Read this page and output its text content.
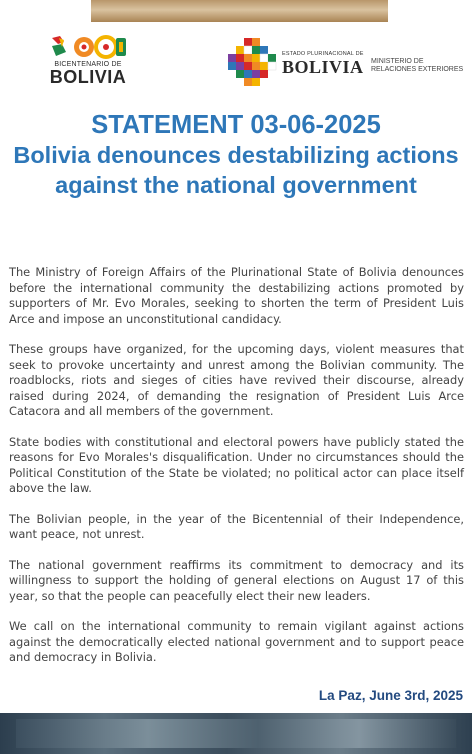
BICENTENARIO DE
BOLIVIA
ESTADO PLURINACIONAL DE
BOLIVIA MINISTERIO DE
RELACIONES EXTERIORES
STATEMENT 03-06-2025
Bolivia denounces destabilizing actions against the national government

The Ministry of Foreign Affairs of the Plurinational State of Bolivia denounces before the international community the destabilizing actions promoted by supporters of Mr. Evo Morales, seeking to shorten the term of President Luis Arce and impose an unconstitutional candidacy.

These groups have organized, for the upcoming days, violent measures that seek to provoke uncertainty and unrest among the Bolivian community. The roadblocks, riots and sieges of cities have revived their discourse, already raised during 2024, of demanding the resignation of President Luis Arce Catacora and all members of the government.

State bodies with constitutional and electoral powers have publicly stated the reasons for Evo Morales's disqualification. Under no circumstances should the Political Constitution of the State be violated; no political actor can place itself above the law.

The Bolivian people, in the year of the Bicentennial of their Independence, want peace, not unrest.

The national government reaffirms its commitment to democracy and its willingness to support the holding of general elections on August 17 of this year, so that the people can peacefully elect their new leaders.

We call on the international community to remain vigilant against actions against the democratically elected national government and to support peace and democracy in Bolivia.

La Paz, June 3rd, 2025
